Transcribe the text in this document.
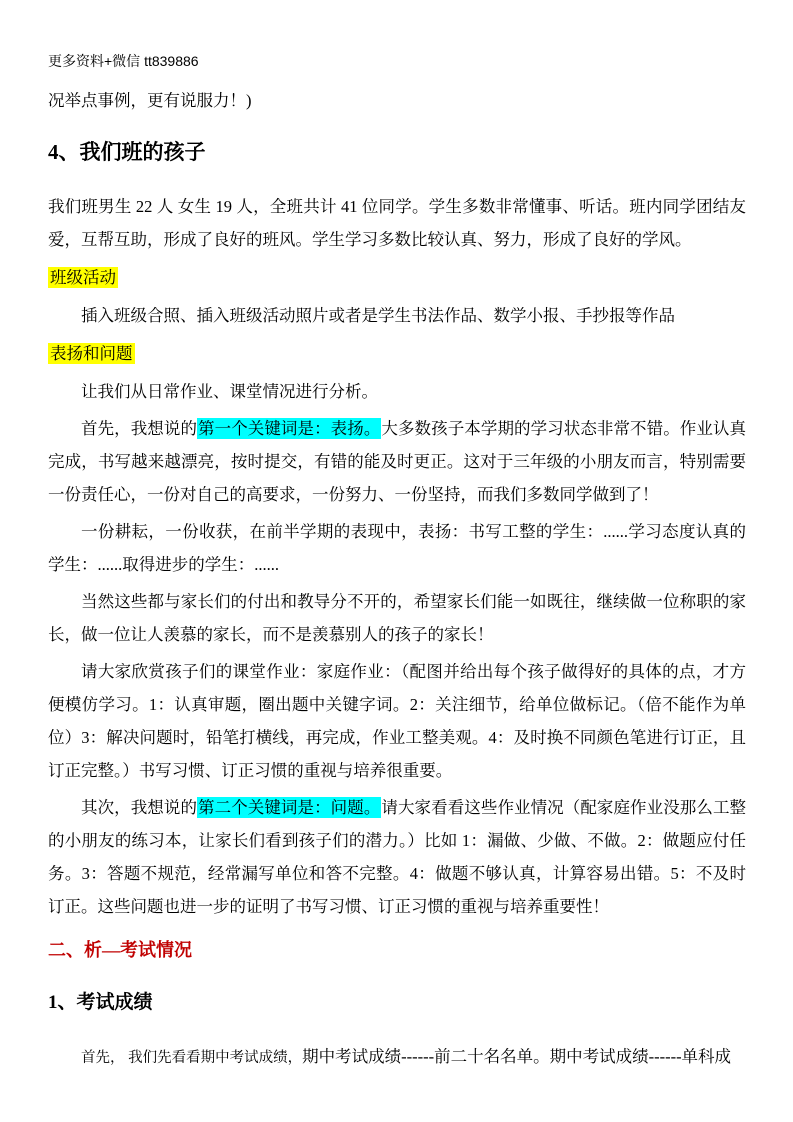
更多资料+微信 tt839886
况举点事例，更有说服力！)
4、我们班的孩子

我们班男生 22 人 女生 19 人，全班共计 41 位同学。学生多数非常懂事、听话。班内同学团结友爱，互帮互助，形成了良好的班风。学生学习多数比较认真、努力，形成了良好的学风。

班级活动

插入班级合照、插入班级活动照片或者是学生书法作品、数学小报、手抄报等作品

表扬和问题

让我们从日常作业、课堂情况进行分析。

首先，我想说的第一个关键词是：表扬。大多数孩子本学期的学习状态非常不错。作业认真完成，书写越来越漂亮，按时提交，有错的能及时更正。这对于三年级的小朋友而言，特别需要一份责任心，一份对自己的高要求，一份努力、一份坚持，而我们多数同学做到了！

一份耕耘，一份收获，在前半学期的表现中，表扬：书写工整的学生：......学习态度认真的学生：......取得进步的学生：......

当然这些都与家长们的付出和教导分不开的，希望家长们能一如既往，继续做一位称职的家长，做一位让人羡慕的家长，而不是羡慕别人的孩子的家长！

请大家欣赏孩子们的课堂作业：家庭作业：（配图并给出每个孩子做得好的具体的点，才方便模仿学习。1：认真审题，圈出题中关键字词。2：关注细节，给单位做标记。（倍不能作为单位）3：解决问题时，铅笔打横线，再完成，作业工整美观。4：及时换不同颜色笔进行订正，且订正完整。）书写习惯、订正习惯的重视与培养很重要。

其次，我想说的第二个关键词是：问题。请大家看看这些作业情况（配家庭作业没那么工整的小朋友的练习本，让家长们看到孩子们的潜力。）比如 1：漏做、少做、不做。2：做题应付任务。3：答题不规范，经常漏写单位和答不完整。4：做题不够认真，计算容易出错。5：不及时订正。这些问题也进一步的证明了书写习惯、订正习惯的重视与培养重要性！

二、析—考试情况
1、考试成绩

首先， 我们先看看期中考试成绩，期中考试成绩------前二十名名单。期中考试成绩------单科成
